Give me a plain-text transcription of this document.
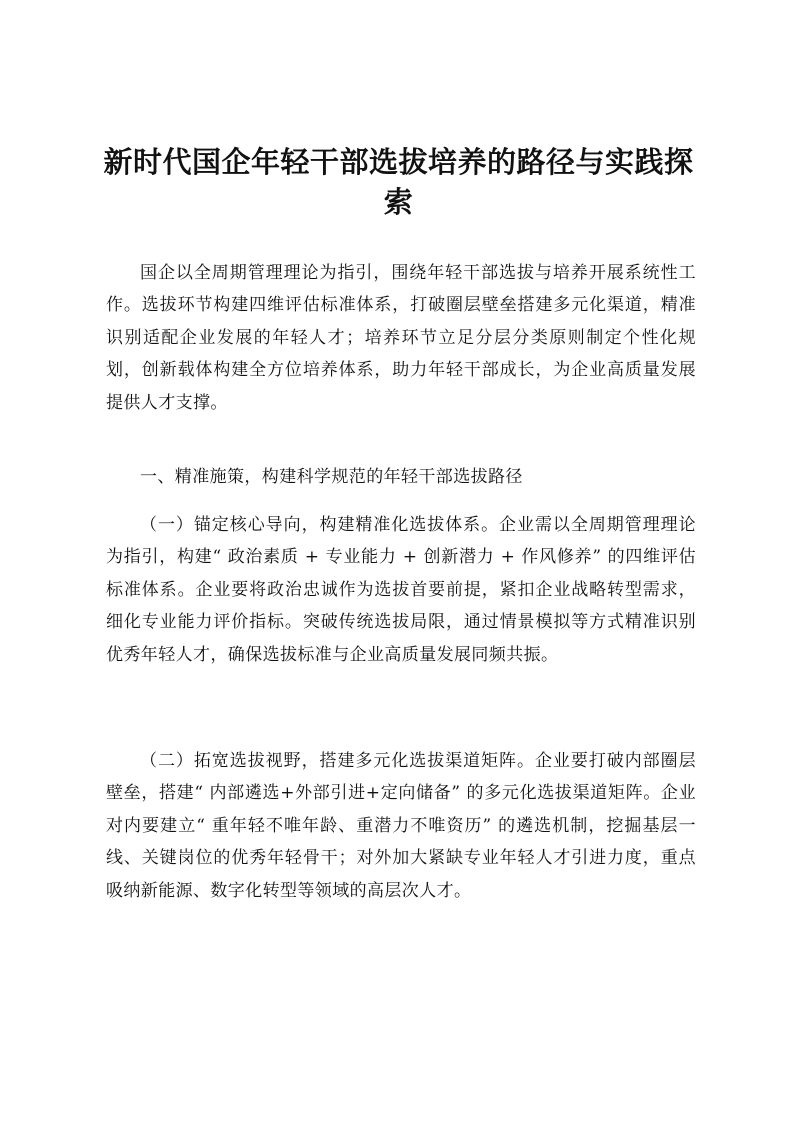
新时代国企年轻干部选拔培养的路径与实践探索

国企以全周期管理理论为指引，围绕年轻干部选拔与培养开展系统性工作。选拔环节构建四维评估标准体系，打破圈层壁垒搭建多元化渠道，精准识别适配企业发展的年轻人才；培养环节立足分层分类原则制定个性化规划，创新载体构建全方位培养体系，助力年轻干部成长，为企业高质量发展提供人才支撑。

一、精准施策，构建科学规范的年轻干部选拔路径

（一）锚定核心导向，构建精准化选拔体系。企业需以全周期管理理论为指引，构建“ 政治素质 + 专业能力 + 创新潜力 + 作风修养” 的四维评估标准体系。企业要将政治忠诚作为选拔首要前提，紧扣企业战略转型需求，细化专业能力评价指标。突破传统选拔局限，通过情景模拟等方式精准识别优秀年轻人才，确保选拔标准与企业高质量发展同频共振。

（二）拓宽选拔视野，搭建多元化选拔渠道矩阵。企业要打破内部圈层壁垒，搭建“ 内部遴选+外部引进+定向储备” 的多元化选拔渠道矩阵。企业对内要建立“ 重年轻不唯年龄、重潜力不唯资历” 的遴选机制，挖掘基层一线、关键岗位的优秀年轻骨干；对外加大紧缺专业年轻人才引进力度，重点吸纳新能源、数字化转型等领域的高层次人才。
